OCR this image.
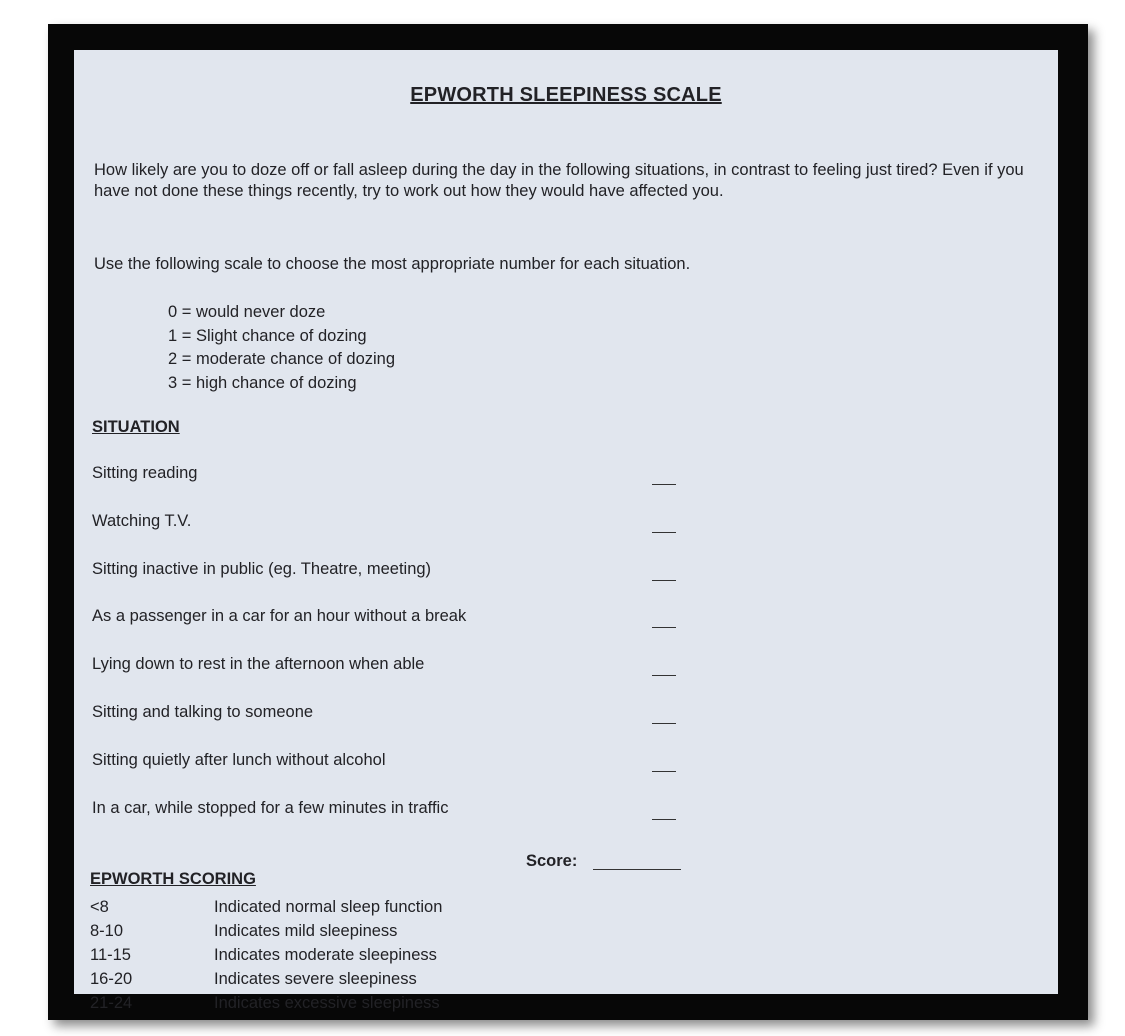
EPWORTH SLEEPINESS SCALE
How likely are you to doze off or fall asleep during the day in the following situations, in contrast to feeling just tired? Even if you have not done these things recently, try to work out how they would have affected you.
Use the following scale to choose the most appropriate number for each situation.
0 = would never doze
1 = Slight chance of dozing
2 = moderate chance of dozing
3 = high chance of dozing
SITUATION
Sitting reading
Watching T.V.
Sitting inactive in public (eg. Theatre, meeting)
As a passenger in a car for an hour without a break
Lying down to rest in the afternoon when able
Sitting and talking to someone
Sitting quietly after lunch without alcohol
In a car, while stopped for a few minutes in traffic
Score:
EPWORTH SCORING
<8	Indicated normal sleep function
8-10	Indicates mild sleepiness
11-15	Indicates moderate sleepiness
16-20	Indicates severe sleepiness
21-24	Indicates excessive sleepiness
